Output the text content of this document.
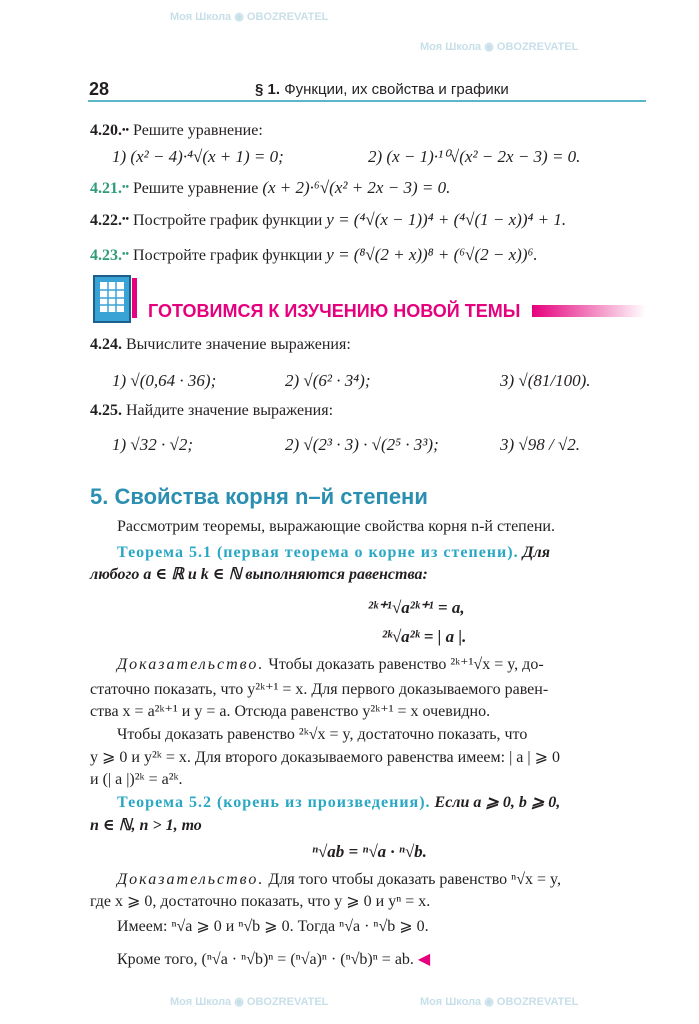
Моя Школа ◉ OBOZREVATEL
Моя Школа ◉ OBOZREVATEL
Моя Школа ◉ OBOZREVATEL	Моя Школа ◉ OBOZREVATEL
28	§ 1. Функции, их свойства и графики
4.20.•• Решите уравнение:
1) (x² − 4)·⁴√(x + 1) = 0;	2) (x − 1)·¹⁰√(x² − 2x − 3) = 0.
4.21.•• Решите уравнение (x + 2)·⁶√(x² + 2x − 3) = 0.
4.22.•• Постройте график функции y = (⁴√(x − 1))⁴ + (⁴√(1 − x))⁴ + 1.
4.23.•• Постройте график функции y = (⁸√(2 + x))⁸ + (⁶√(2 − x))⁶.
ГОТОВИМСЯ К ИЗУЧЕНИЮ НОВОЙ ТЕМЫ
4.24. Вычислите значение выражения:
1) √(0,64 · 36);	2) √(6² · 3⁴);	3) √(81/100).
4.25. Найдите значение выражения:
1) √32 · √2;	2) √(2³ · 3) · √(2⁵ · 3³);	3) √98 / √2.
5. Свойства корня n–й степени
Рассмотрим теоремы, выражающие свойства корня n-й степени.
Теорема 5.1 (первая теорема о корне из степени). Для
любого a ∈ ℝ и k ∈ ℕ выполняются равенства:
²ᵏ⁺¹√a²ᵏ⁺¹ = a,
²ᵏ√a²ᵏ = | a |.
Доказательство. Чтобы доказать равенство ²ᵏ⁺¹√x = y, до-
статочно показать, что y²ᵏ⁺¹ = x. Для первого доказываемого равен-
ства x = a²ᵏ⁺¹ и y = a. Отсюда равенство y²ᵏ⁺¹ = x очевидно.
Чтобы доказать равенство ²ᵏ√x = y, достаточно показать, что
y ⩾ 0 и y²ᵏ = x. Для второго доказываемого равенства имеем: | a | ⩾ 0
и (| a |)²ᵏ = a²ᵏ.
Теорема 5.2 (корень из произведения). Если a ⩾ 0, b ⩾ 0,
n ∈ ℕ, n > 1, то
ⁿ√ab = ⁿ√a · ⁿ√b.
Доказательство. Для того чтобы доказать равенство ⁿ√x = y,
где x ⩾ 0, достаточно показать, что y ⩾ 0 и yⁿ = x.
Имеем: ⁿ√a ⩾ 0 и ⁿ√b ⩾ 0. Тогда ⁿ√a · ⁿ√b ⩾ 0.
Кроме того, (ⁿ√a · ⁿ√b)ⁿ = (ⁿ√a)ⁿ · (ⁿ√b)ⁿ = ab. ◀
